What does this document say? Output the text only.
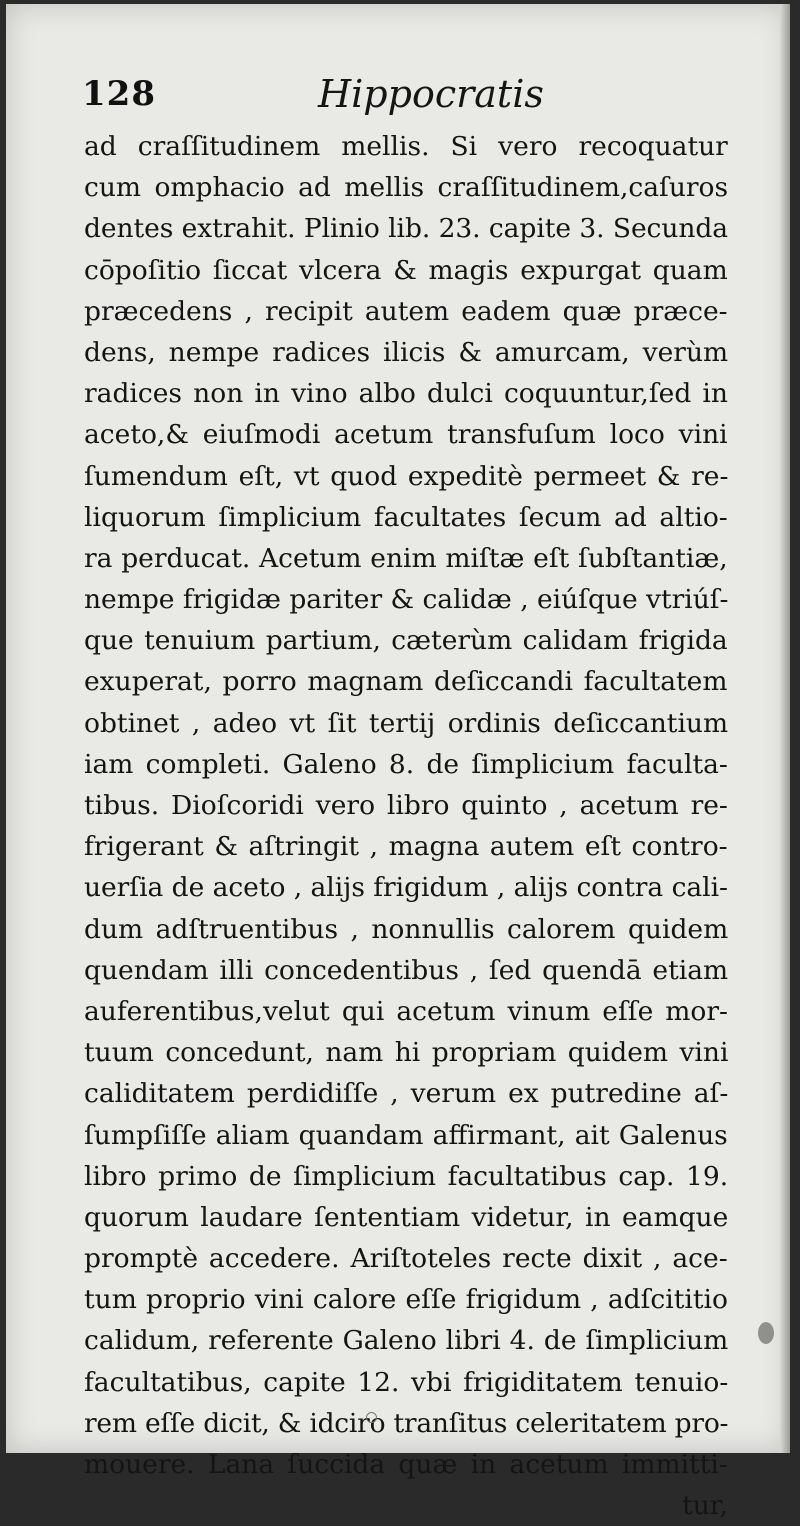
128	Hippocratis
ad craſſitudinem mellis. Si vero recoquatur
cum omphacio ad mellis craſſitudinem,caſuros
dentes extrahit. Plinio lib. 23. capite 3. Secunda
cōpoſitio ſiccat vlcera & magis expurgat quam
præcedens , recipit autem eadem quæ præce-
dens, nempe radices ilicis & amurcam, verùm
radices non in vino albo dulci coquuntur,ſed in
aceto,& eiuſmodi acetum transfuſum loco vini
ſumendum eſt, vt quod expeditè permeet & re-
liquorum ſimplicium facultates ſecum ad altio-
ra perducat. Acetum enim miſtæ eſt ſubſtantiæ,
nempe frigidæ pariter & calidæ , eiúſque vtriúſ-
que tenuium partium, cæterùm calidam frigida
exuperat, porro magnam deſiccandi facultatem
obtinet , adeo vt ſit tertij ordinis deſiccantium
iam completi. Galeno 8. de ſimplicium faculta-
tibus. Dioſcoridi vero libro quinto , acetum re-
frigerant & aſtringit , magna autem eſt contro-
uerſia de aceto , alijs frigidum , alijs contra cali-
dum adſtruentibus , nonnullis calorem quidem
quendam illi concedentibus , ſed quendā etiam
auferentibus,velut qui acetum vinum eſſe mor-
tuum concedunt, nam hi propriam quidem vini
caliditatem perdidiſſe , verum ex putredine aſ-
ſumpſiſſe aliam quandam affirmant, ait Galenus
libro primo de ſimplicium facultatibus cap. 19.
quorum laudare ſententiam videtur, in eamque
promptè accedere. Ariſtoteles recte dixit , ace-
tum proprio vini calore eſſe frigidum , adſcititio
calidum, referente Galeno libri 4. de ſimplicium
facultatibus, capite 12. vbi frigiditatem tenuio-
rem eſſe dicit, & idciro tranſitus celeritatem pro-
mouere. Lana ſuccida quæ in acetum immitti-
tur,
